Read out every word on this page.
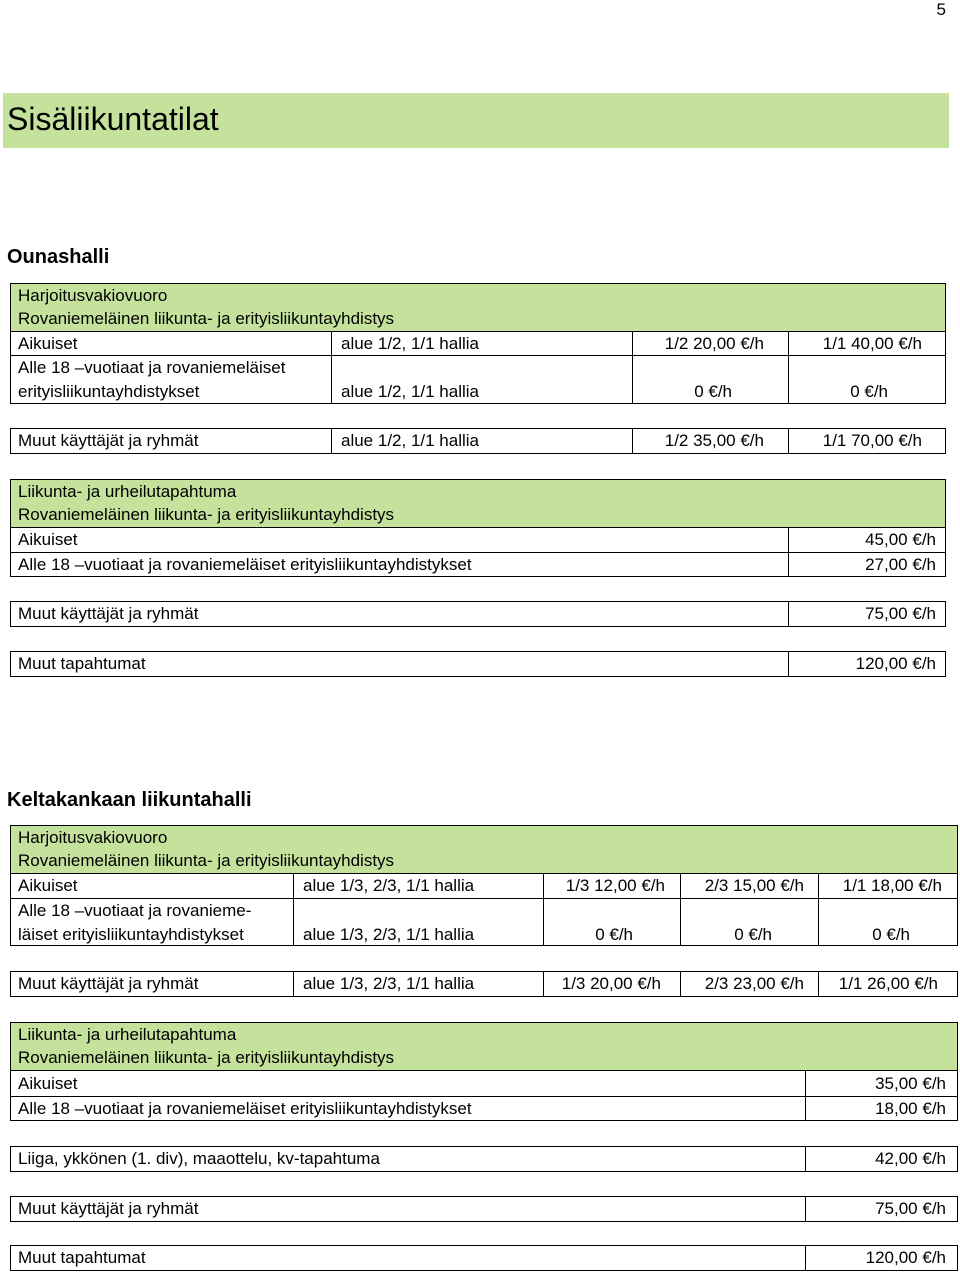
5
Sisäliikuntatilat
Ounashalli
Harjoitusvakiovuoro
Rovaniemeläinen liikunta- ja erityisliikuntayhdistys
Aikuiset	alue 1/2, 1/1 hallia	1/2 20,00 €/h	1/1 40,00 €/h
Alle 18 –vuotiaat ja rovaniemeläiset
erityisliikuntayhdistykset	alue 1/2, 1/1 hallia	0 €/h	0 €/h
Muut käyttäjät ja ryhmät	alue 1/2, 1/1 hallia	1/2 35,00 €/h	1/1 70,00 €/h
Liikunta- ja urheilutapahtuma
Rovaniemeläinen liikunta- ja erityisliikuntayhdistys
Aikuiset	45,00 €/h
Alle 18 –vuotiaat ja rovaniemeläiset erityisliikuntayhdistykset	27,00 €/h
Muut käyttäjät ja ryhmät	75,00 €/h
Muut tapahtumat	120,00 €/h
Keltakankaan liikuntahalli
Harjoitusvakiovuoro
Rovaniemeläinen liikunta- ja erityisliikuntayhdistys
Aikuiset	alue 1/3, 2/3, 1/1 hallia	1/3 12,00 €/h	2/3 15,00 €/h	1/1 18,00 €/h
Alle 18 –vuotiaat ja rovanieme-
läiset erityisliikuntayhdistykset	alue 1/3, 2/3, 1/1 hallia	0 €/h	0 €/h	0 €/h
Muut käyttäjät ja ryhmät	alue 1/3, 2/3, 1/1 hallia	1/3 20,00 €/h	2/3 23,00 €/h	1/1 26,00 €/h
Liikunta- ja urheilutapahtuma
Rovaniemeläinen liikunta- ja erityisliikuntayhdistys
Aikuiset	35,00 €/h
Alle 18 –vuotiaat ja rovaniemeläiset erityisliikuntayhdistykset	18,00 €/h
Liiga, ykkönen (1. div), maaottelu, kv-tapahtuma	42,00 €/h
Muut käyttäjät ja ryhmät	75,00 €/h
Muut tapahtumat	120,00 €/h
